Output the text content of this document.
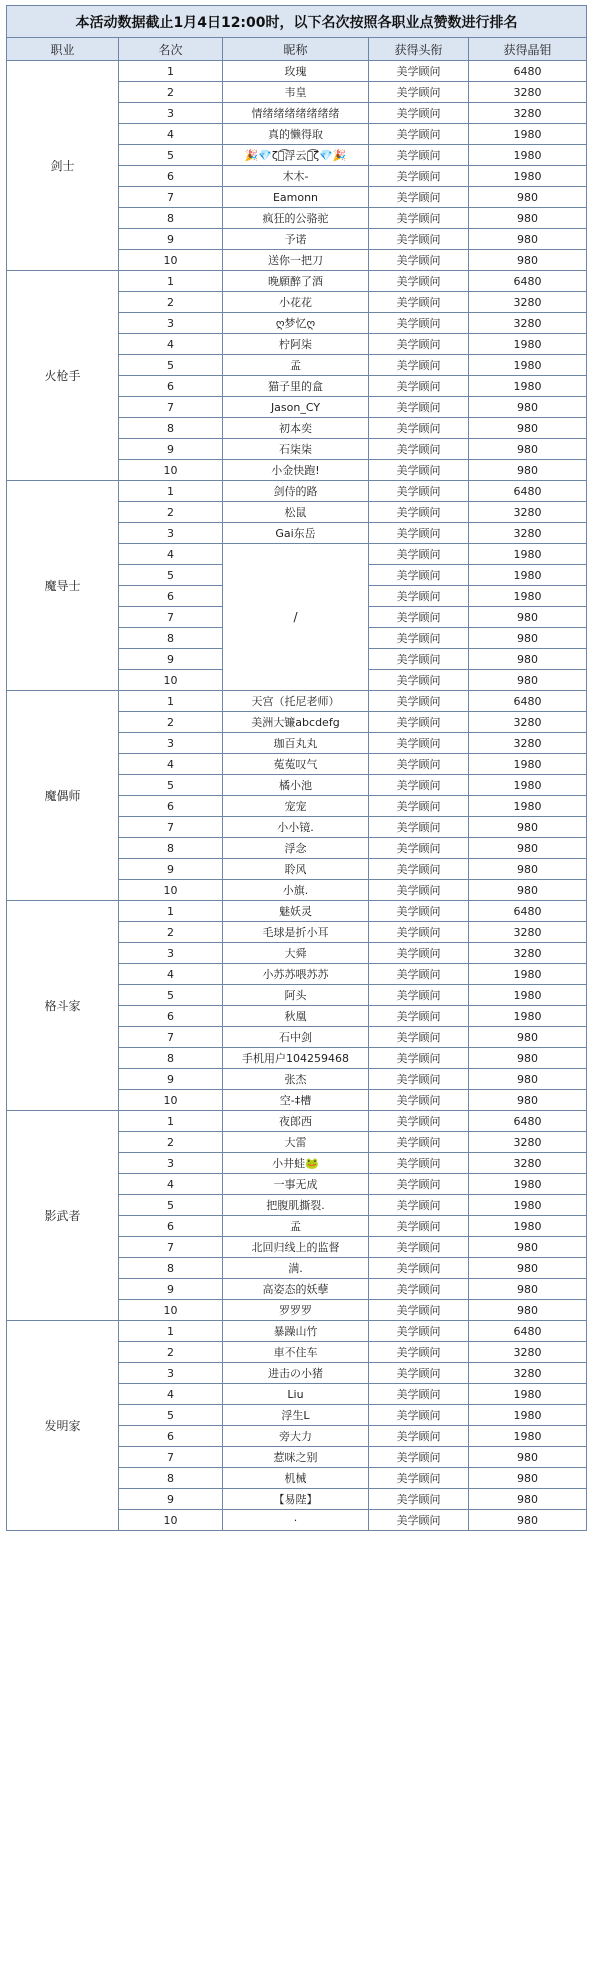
本活动数据截止1月4日12:00时，以下名次按照各职业点赞数进行排名				
职业	名次	昵称	获得头衔	获得晶钼
剑士	1	玫瑰	美学顾问	6480
	2	韦皇	美学顾问	3280
	3	情绪绪绪绪绪绪绪	美学顾问	3280
	4	真的懒得取	美学顾问	1980
	5	🎉💎ζั͡浮云ั͡ζ💎🎉	美学顾问	1980
	6	木木-	美学顾问	1980
	7	Eamonn	美学顾问	980
	8	疯狂的公骆驼	美学顾问	980
	9	予诺	美学顾问	980
	10	送你一把刀	美学顾问	980
火枪手	1	晚願醉了酒	美学顾问	6480
	2	小花花	美学顾问	3280
	3	ღ梦忆ღ	美学顾问	3280
	4	柠阿柒	美学顾问	1980
	5	孟	美学顾问	1980
	6	猫子里的盒	美学顾问	1980
	7	Jason_CY	美学顾问	980
	8	初本奕	美学顾问	980
	9	石柒柒	美学顾问	980
	10	小金快跑!	美学顾问	980
魔导士	1	剑侍的路	美学顾问	6480
	2	松鼠	美学顾问	3280
	3	Gai东岳	美学顾问	3280
	4	/	美学顾问	1980
	5		美学顾问	1980
	6		美学顾问	1980
	7		美学顾问	980
	8		美学顾问	980
	9		美学顾问	980
	10		美学顾问	980
魔偶师	1	天宫（托尼老师）	美学顾问	6480
	2	美洲大镰abcdefg	美学顾问	3280
	3	珈百丸丸	美学顾问	3280
	4	菟菟叹气	美学顾问	1980
	5	橘小池	美学顾问	1980
	6	宠宠	美学顾问	1980
	7	小小镜.	美学顾问	980
	8	浮念	美学顾问	980
	9	聆风	美学顾问	980
	10	小旗.	美学顾问	980
格斗家	1	魅妖灵	美学顾问	6480
	2	毛球是折小耳	美学顾问	3280
	3	大舜	美学顾问	3280
	4	小苏苏喂苏苏	美学顾问	1980
	5	阿头	美学顾问	1980
	6	秋凰	美学顾问	1980
	7	石中剑	美学顾问	980
	8	手机用户104259468	美学顾问	980
	9	张杰	美学顾问	980
	10	空-‡槽	美学顾问	980
影武者	1	夜郎西	美学顾问	6480
	2	大雷	美学顾问	3280
	3	小井蛙🐸	美学顾问	3280
	4	一事无成	美学顾问	1980
	5	把腹肌撕裂.	美学顾问	1980
	6	孟	美学顾问	1980
	7	北回归线上的监督	美学顾问	980
	8	满.	美学顾问	980
	9	高姿态的妖孽	美学顾问	980
	10	罗罗罗	美学顾问	980
发明家	1	暴躁山竹	美学顾问	6480
	2	車不住车	美学顾问	3280
	3	进击の小猪	美学顾问	3280
	4	Liu	美学顾问	1980
	5	浮生L	美学顾问	1980
	6	旁大力	美学顾问	1980
	7	惹咪之别	美学顾问	980
	8	机械	美学顾问	980
	9	【易陛】	美学顾问	980
	10	·	美学顾问	980
